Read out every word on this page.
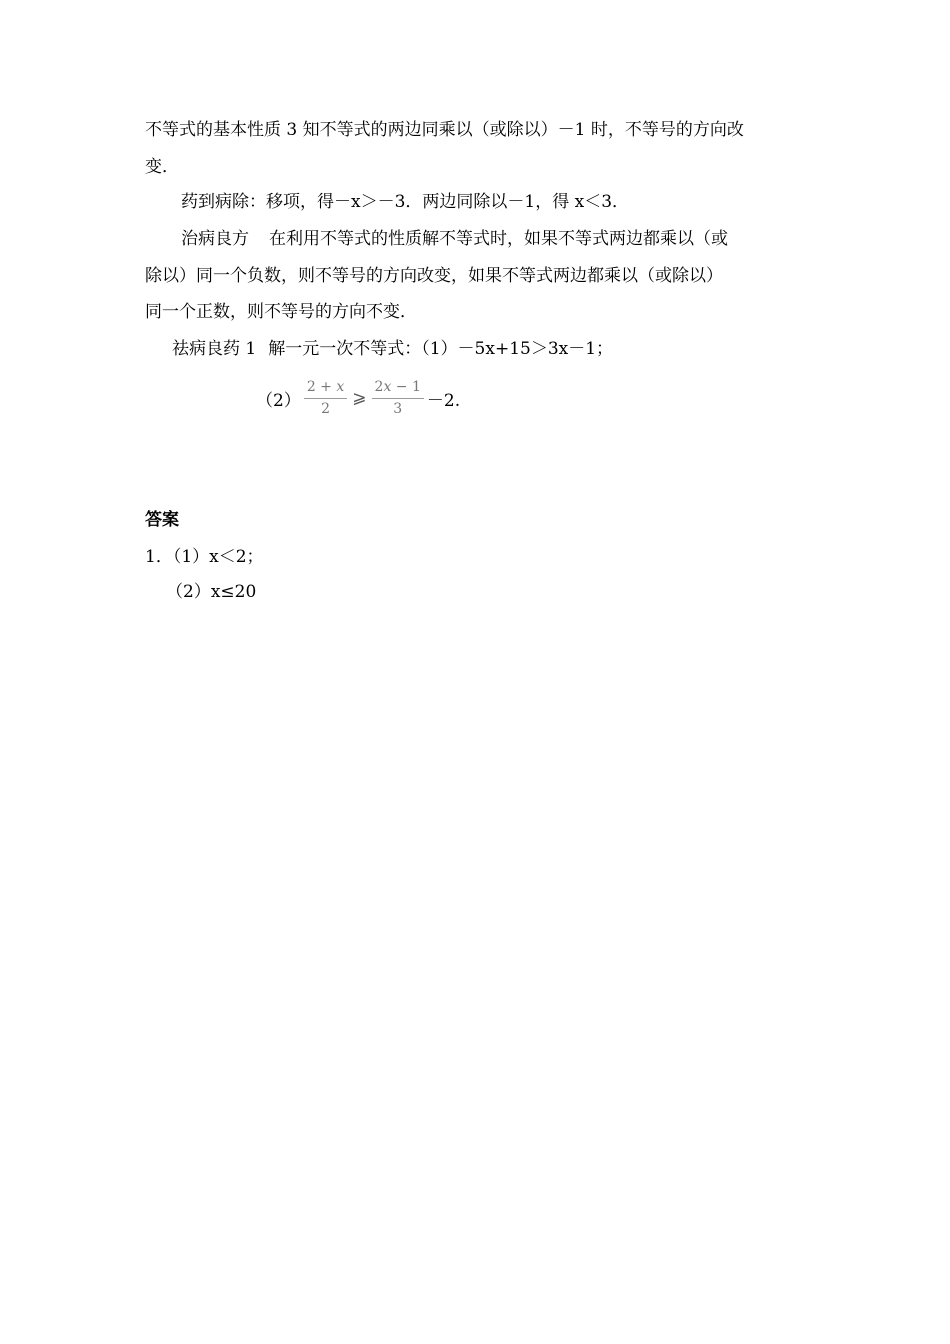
不等式的基本性质 3 知不等式的两边同乘以（或除以）－1 时，不等号的方向改
变．
药到病除：移项，得－x＞－3．两边同除以－1，得 x＜3．
治病良方 在利用不等式的性质解不等式时，如果不等式两边都乘以（或
除以）同一个负数，则不等号的方向改变，如果不等式两边都乘以（或除以）
同一个正数，则不等号的方向不变．
祛病良药 1 解一元一次不等式：（1）－5x+15＞3x－1；
$(2) \frac{2 + x}{2}$ ⩾ $\frac{2x - 1}{3} -2$.
答案
1．（1）x＜2；
（2）x≤20
